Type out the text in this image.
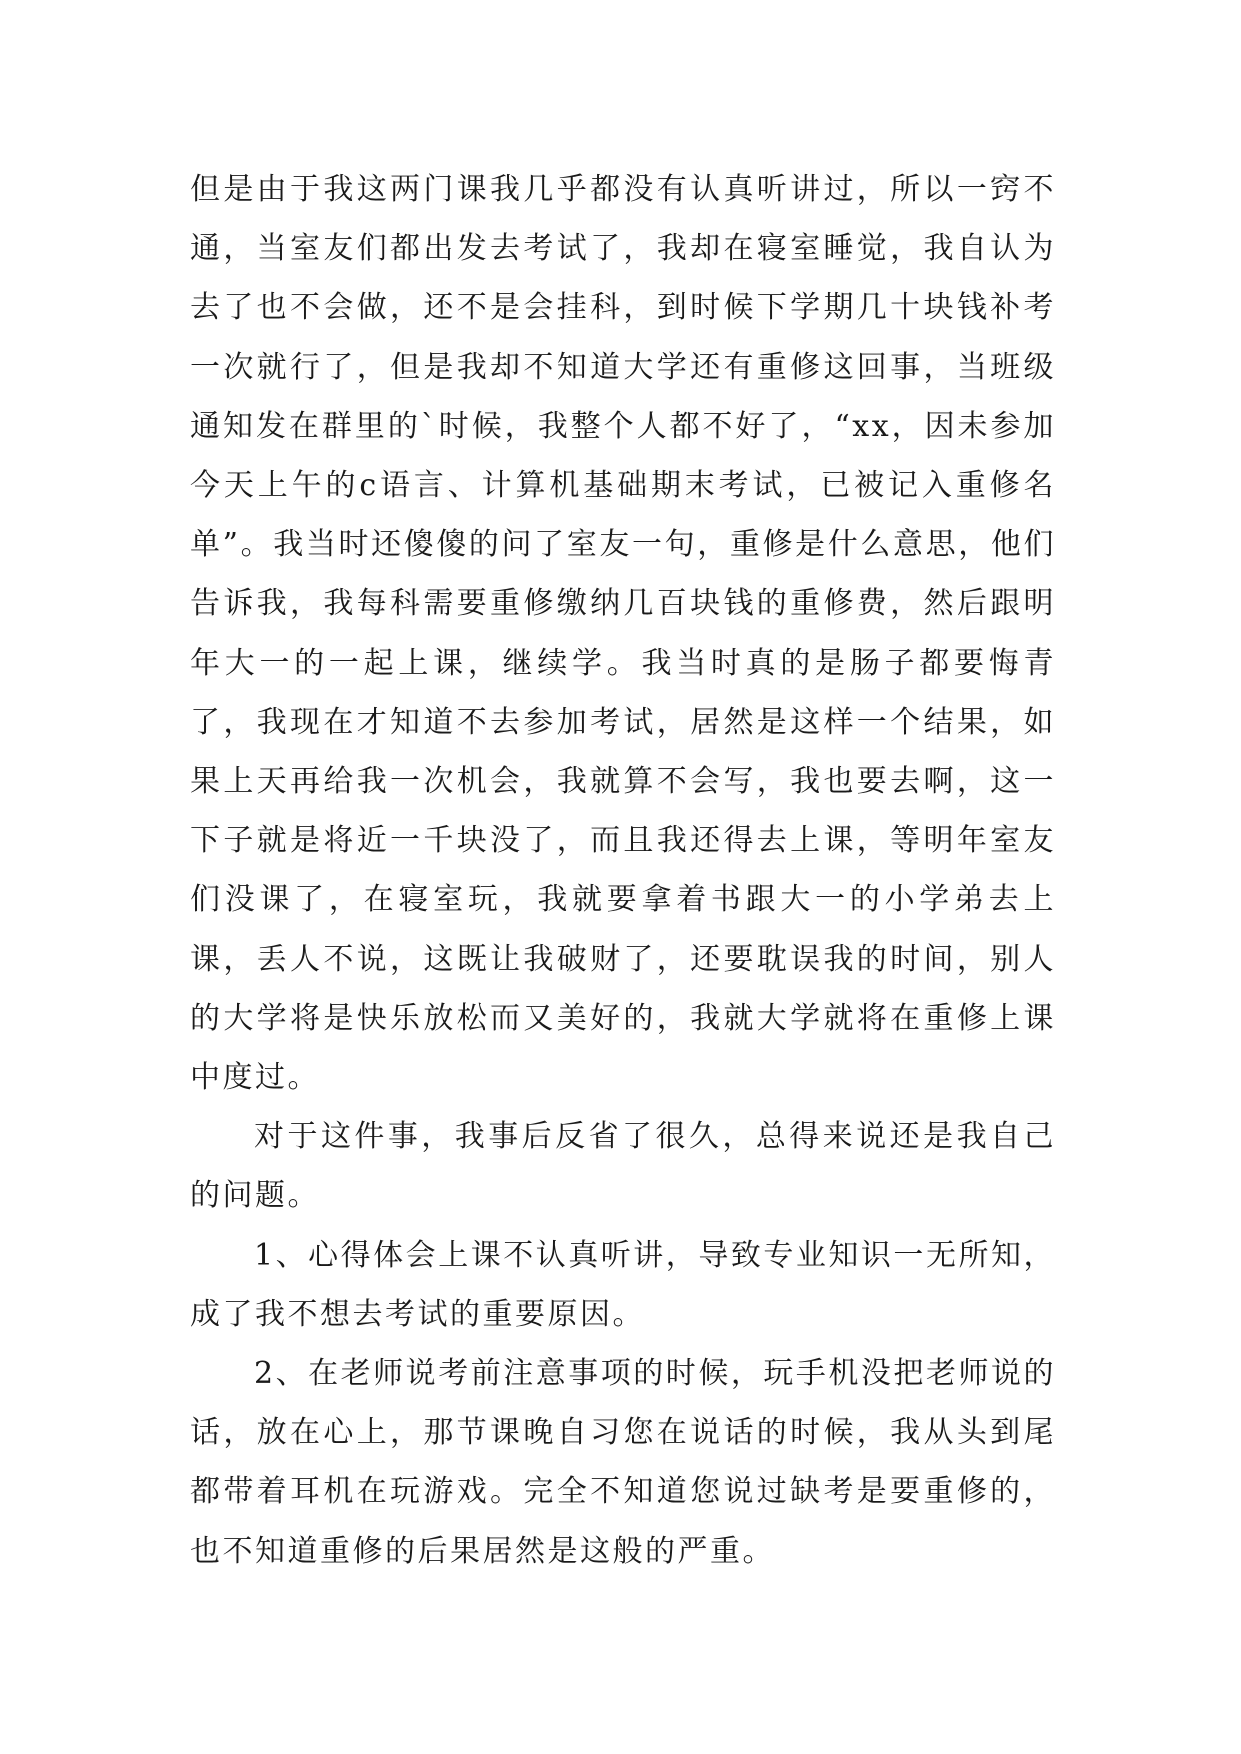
但是由于我这两门课我几乎都没有认真听讲过，所以一窍不通，当室友们都出发去考试了，我却在寝室睡觉，我自认为去了也不会做，还不是会挂科，到时候下学期几十块钱补考一次就行了，但是我却不知道大学还有重修这回事，当班级通知发在群里的`时候，我整个人都不好了，“xx，因未参加今天上午的c语言、计算机基础期末考试，已被记入重修名单”。我当时还傻傻的问了室友一句，重修是什么意思，他们告诉我，我每科需要重修缴纳几百块钱的重修费，然后跟明年大一的一起上课，继续学。我当时真的是肠子都要悔青了，我现在才知道不去参加考试，居然是这样一个结果，如果上天再给我一次机会，我就算不会写，我也要去啊，这一下子就是将近一千块没了，而且我还得去上课，等明年室友们没课了，在寝室玩，我就要拿着书跟大一的小学弟去上课，丢人不说，这既让我破财了，还要耽误我的时间，别人的大学将是快乐放松而又美好的，我就大学就将在重修上课中度过。

对于这件事，我事后反省了很久，总得来说还是我自己的问题。

1、心得体会上课不认真听讲，导致专业知识一无所知，成了我不想去考试的重要原因。

2、在老师说考前注意事项的时候，玩手机没把老师说的话，放在心上，那节课晚自习您在说话的时候，我从头到尾都带着耳机在玩游戏。完全不知道您说过缺考是要重修的，也不知道重修的后果居然是这般的严重。
